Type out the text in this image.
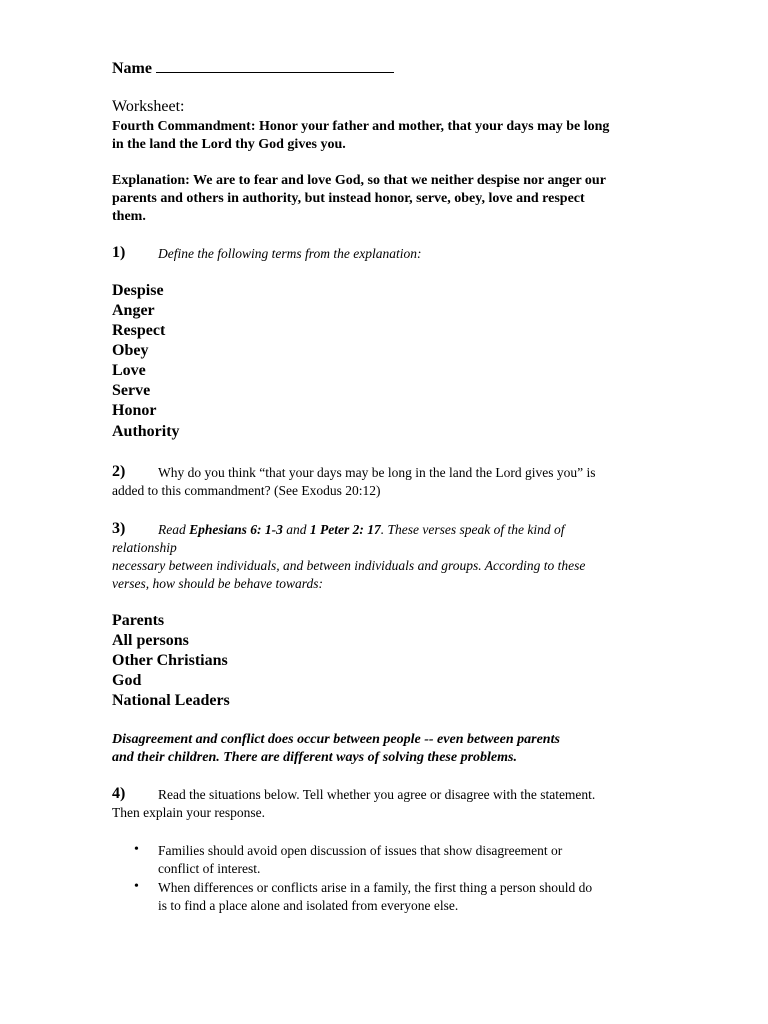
Name
Worksheet:
Fourth Commandment: Honor your father and mother, that your days may be long
in the land the Lord thy God gives you.
Explanation: We are to fear and love God, so that we neither despise nor anger our
parents and others in authority, but instead honor, serve, obey, love and respect
them.
1) Define the following terms from the explanation:
Despise
Anger
Respect
Obey
Love
Serve
Honor
Authority
2) Why do you think “that your days may be long in the land the Lord gives you” is
added to this commandment? (See Exodus 20:12)
3) Read Ephesians 6: 1-3 and 1 Peter 2: 17. These verses speak of the kind of
relationship
necessary between individuals, and between individuals and groups. According to these
verses, how should be behave towards:
Parents
All persons
Other Christians
God
National Leaders
Disagreement and conflict does occur between people -- even between parents
and their children. There are different ways of solving these problems.
4) Read the situations below. Tell whether you agree or disagree with the statement.
Then explain your response.
• Families should avoid open discussion of issues that show disagreement or
conflict of interest.
• When differences or conflicts arise in a family, the first thing a person should do
is to find a place alone and isolated from everyone else.
